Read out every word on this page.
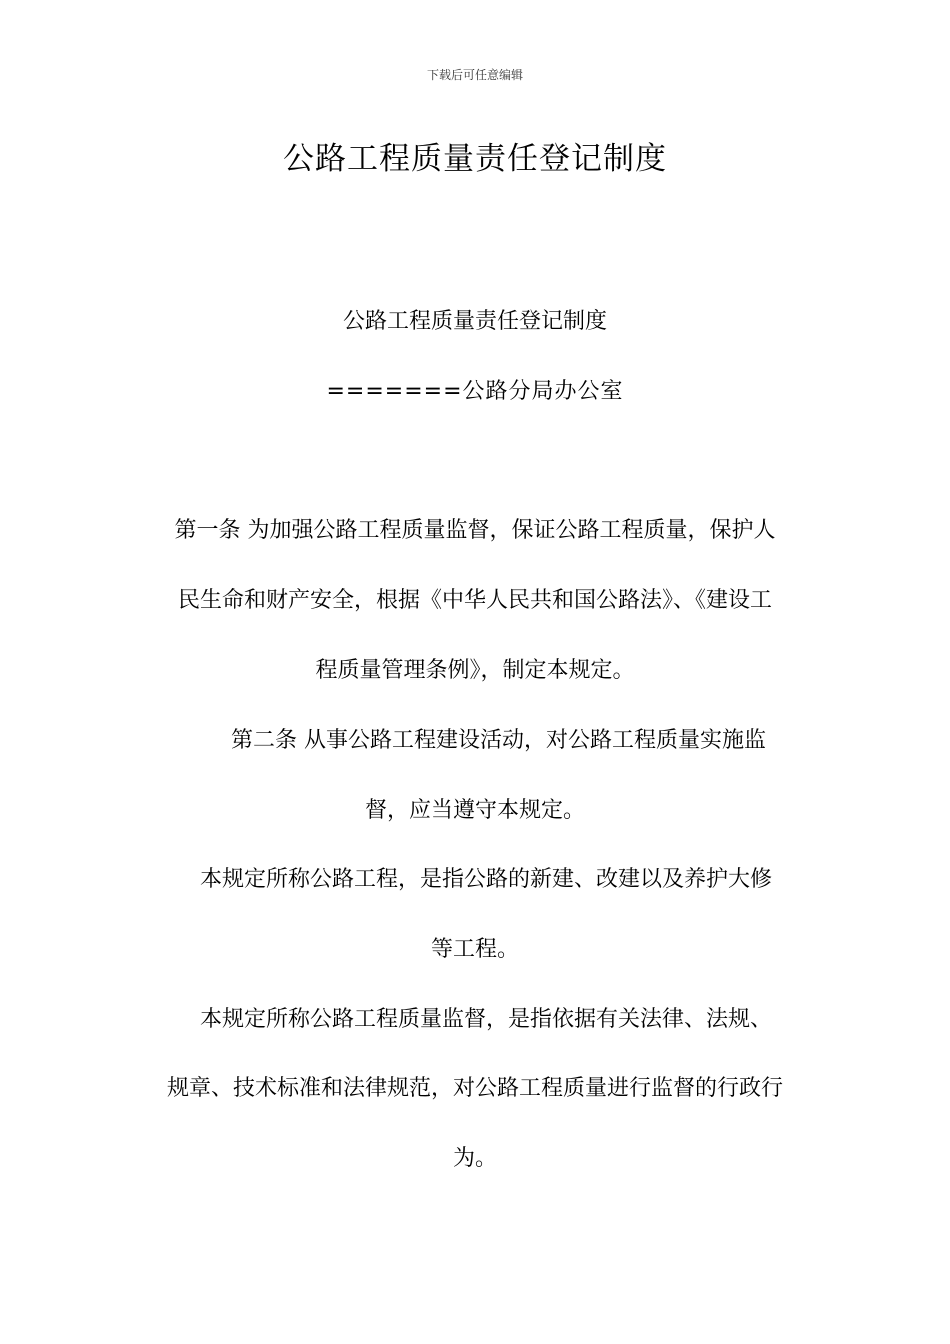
下载后可任意编辑
公路工程质量责任登记制度
公路工程质量责任登记制度
=======公路分局办公室
第一条 为加强公路工程质量监督，保证公路工程质量，保护人
民生命和财产安全，根据《中华人民共和国公路法》、《建设工
程质量管理条例》，制定本规定。
第二条 从事公路工程建设活动，对公路工程质量实施监
督，应当遵守本规定。
本规定所称公路工程，是指公路的新建、改建以及养护大修
等工程。
本规定所称公路工程质量监督，是指依据有关法律、法规、
规章、技术标准和法律规范，对公路工程质量进行监督的行政行
为。
